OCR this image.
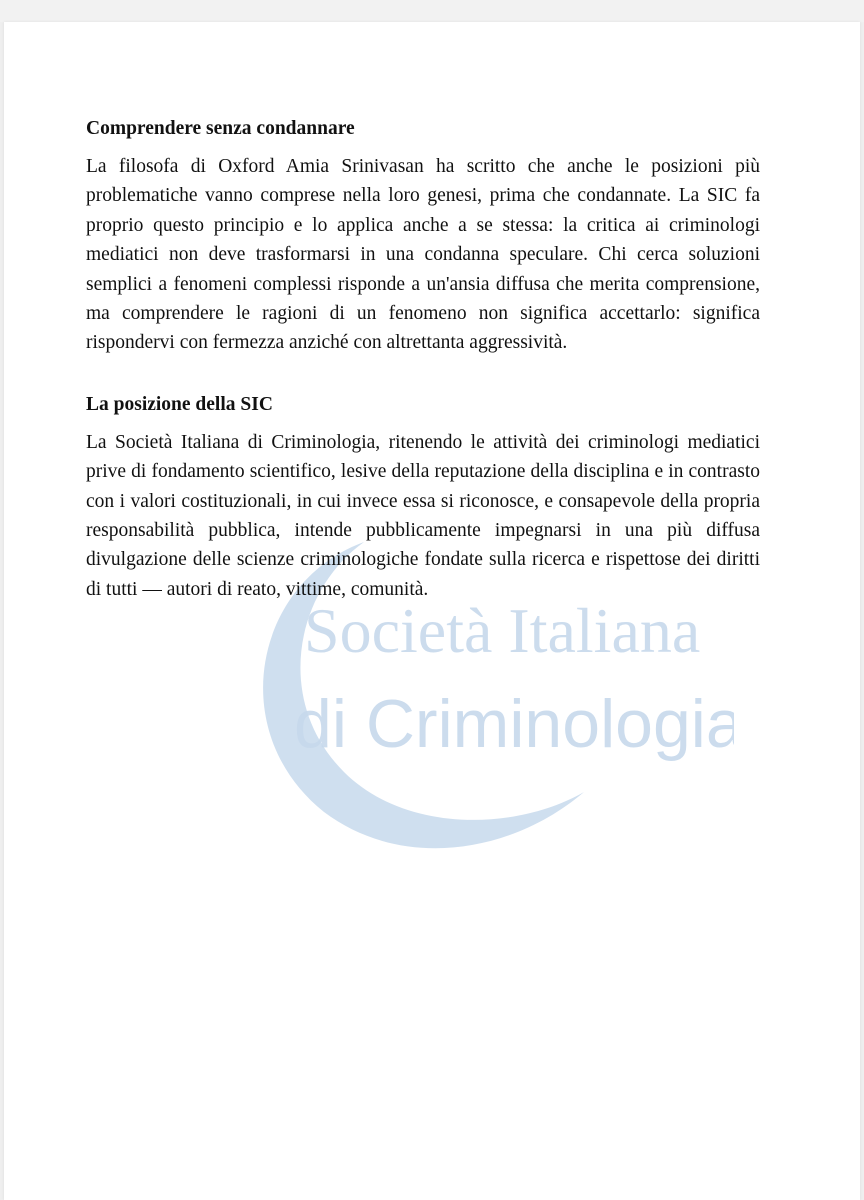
Società Italiana
di Criminologia
Comprendere senza condannare

La filosofa di Oxford Amia Srinivasan ha scritto che anche le posizioni più problematiche vanno comprese nella loro genesi, prima che condannate. La SIC fa proprio questo principio e lo applica anche a se stessa: la critica ai criminologi mediatici non deve trasformarsi in una condanna speculare. Chi cerca soluzioni semplici a fenomeni complessi risponde a un'ansia diffusa che merita comprensione, ma comprendere le ragioni di un fenomeno non significa accettarlo: significa rispondervi con fermezza anziché con altrettanta aggressività.

La posizione della SIC

La Società Italiana di Criminologia, ritenendo le attività dei criminologi mediatici prive di fondamento scientifico, lesive della reputazione della disciplina e in contrasto con i valori costituzionali, in cui invece essa si riconosce, e consapevole della propria responsabilità pubblica, intende pubblicamente impegnarsi in una più diffusa divulgazione delle scienze criminologiche fondate sulla ricerca e rispettose dei diritti di tutti — autori di reato, vittime, comunità.
